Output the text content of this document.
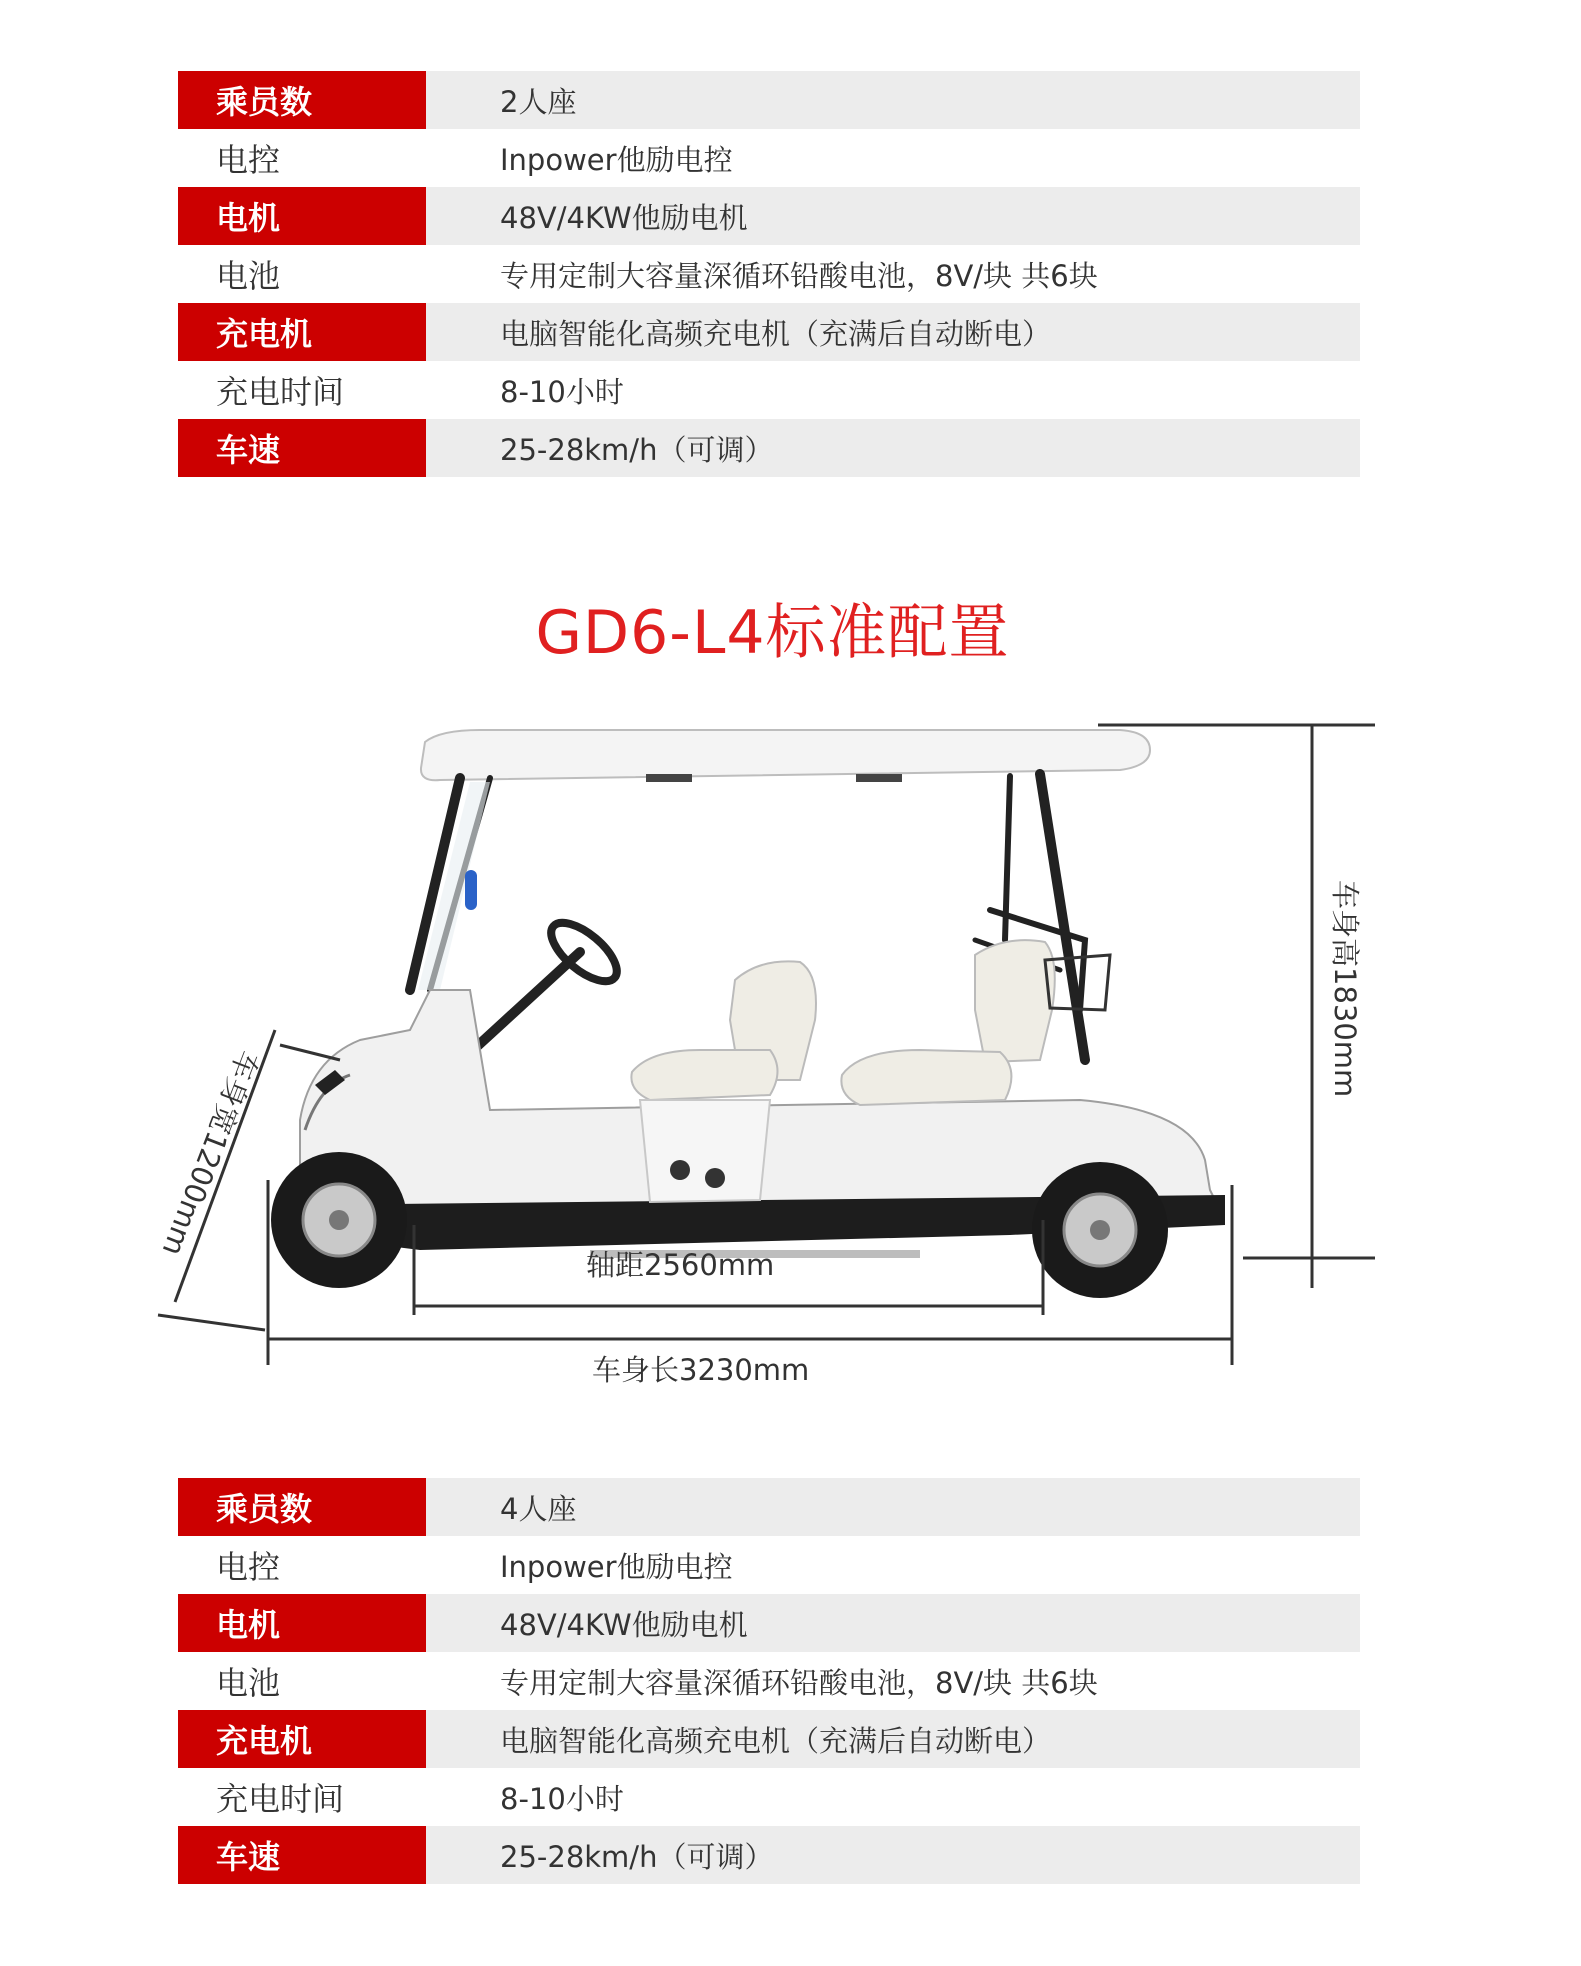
乘员数	2人座
电控	Inpower他励电控
电机	48V/4KW他励电机
电池	专用定制大容量深循环铅酸电池，8V/块 共6块
充电机	电脑智能化高频充电机（充满后自动断电）
充电时间	8-10小时
车速	25-28km/h（可调）
GD6-L4标准配置
车身高1830mm
车身宽1200mm
轴距2560mm
车身长3230mm
乘员数	4人座
电控	Inpower他励电控
电机	48V/4KW他励电机
电池	专用定制大容量深循环铅酸电池，8V/块 共6块
充电机	电脑智能化高频充电机（充满后自动断电）
充电时间	8-10小时
车速	25-28km/h（可调）
